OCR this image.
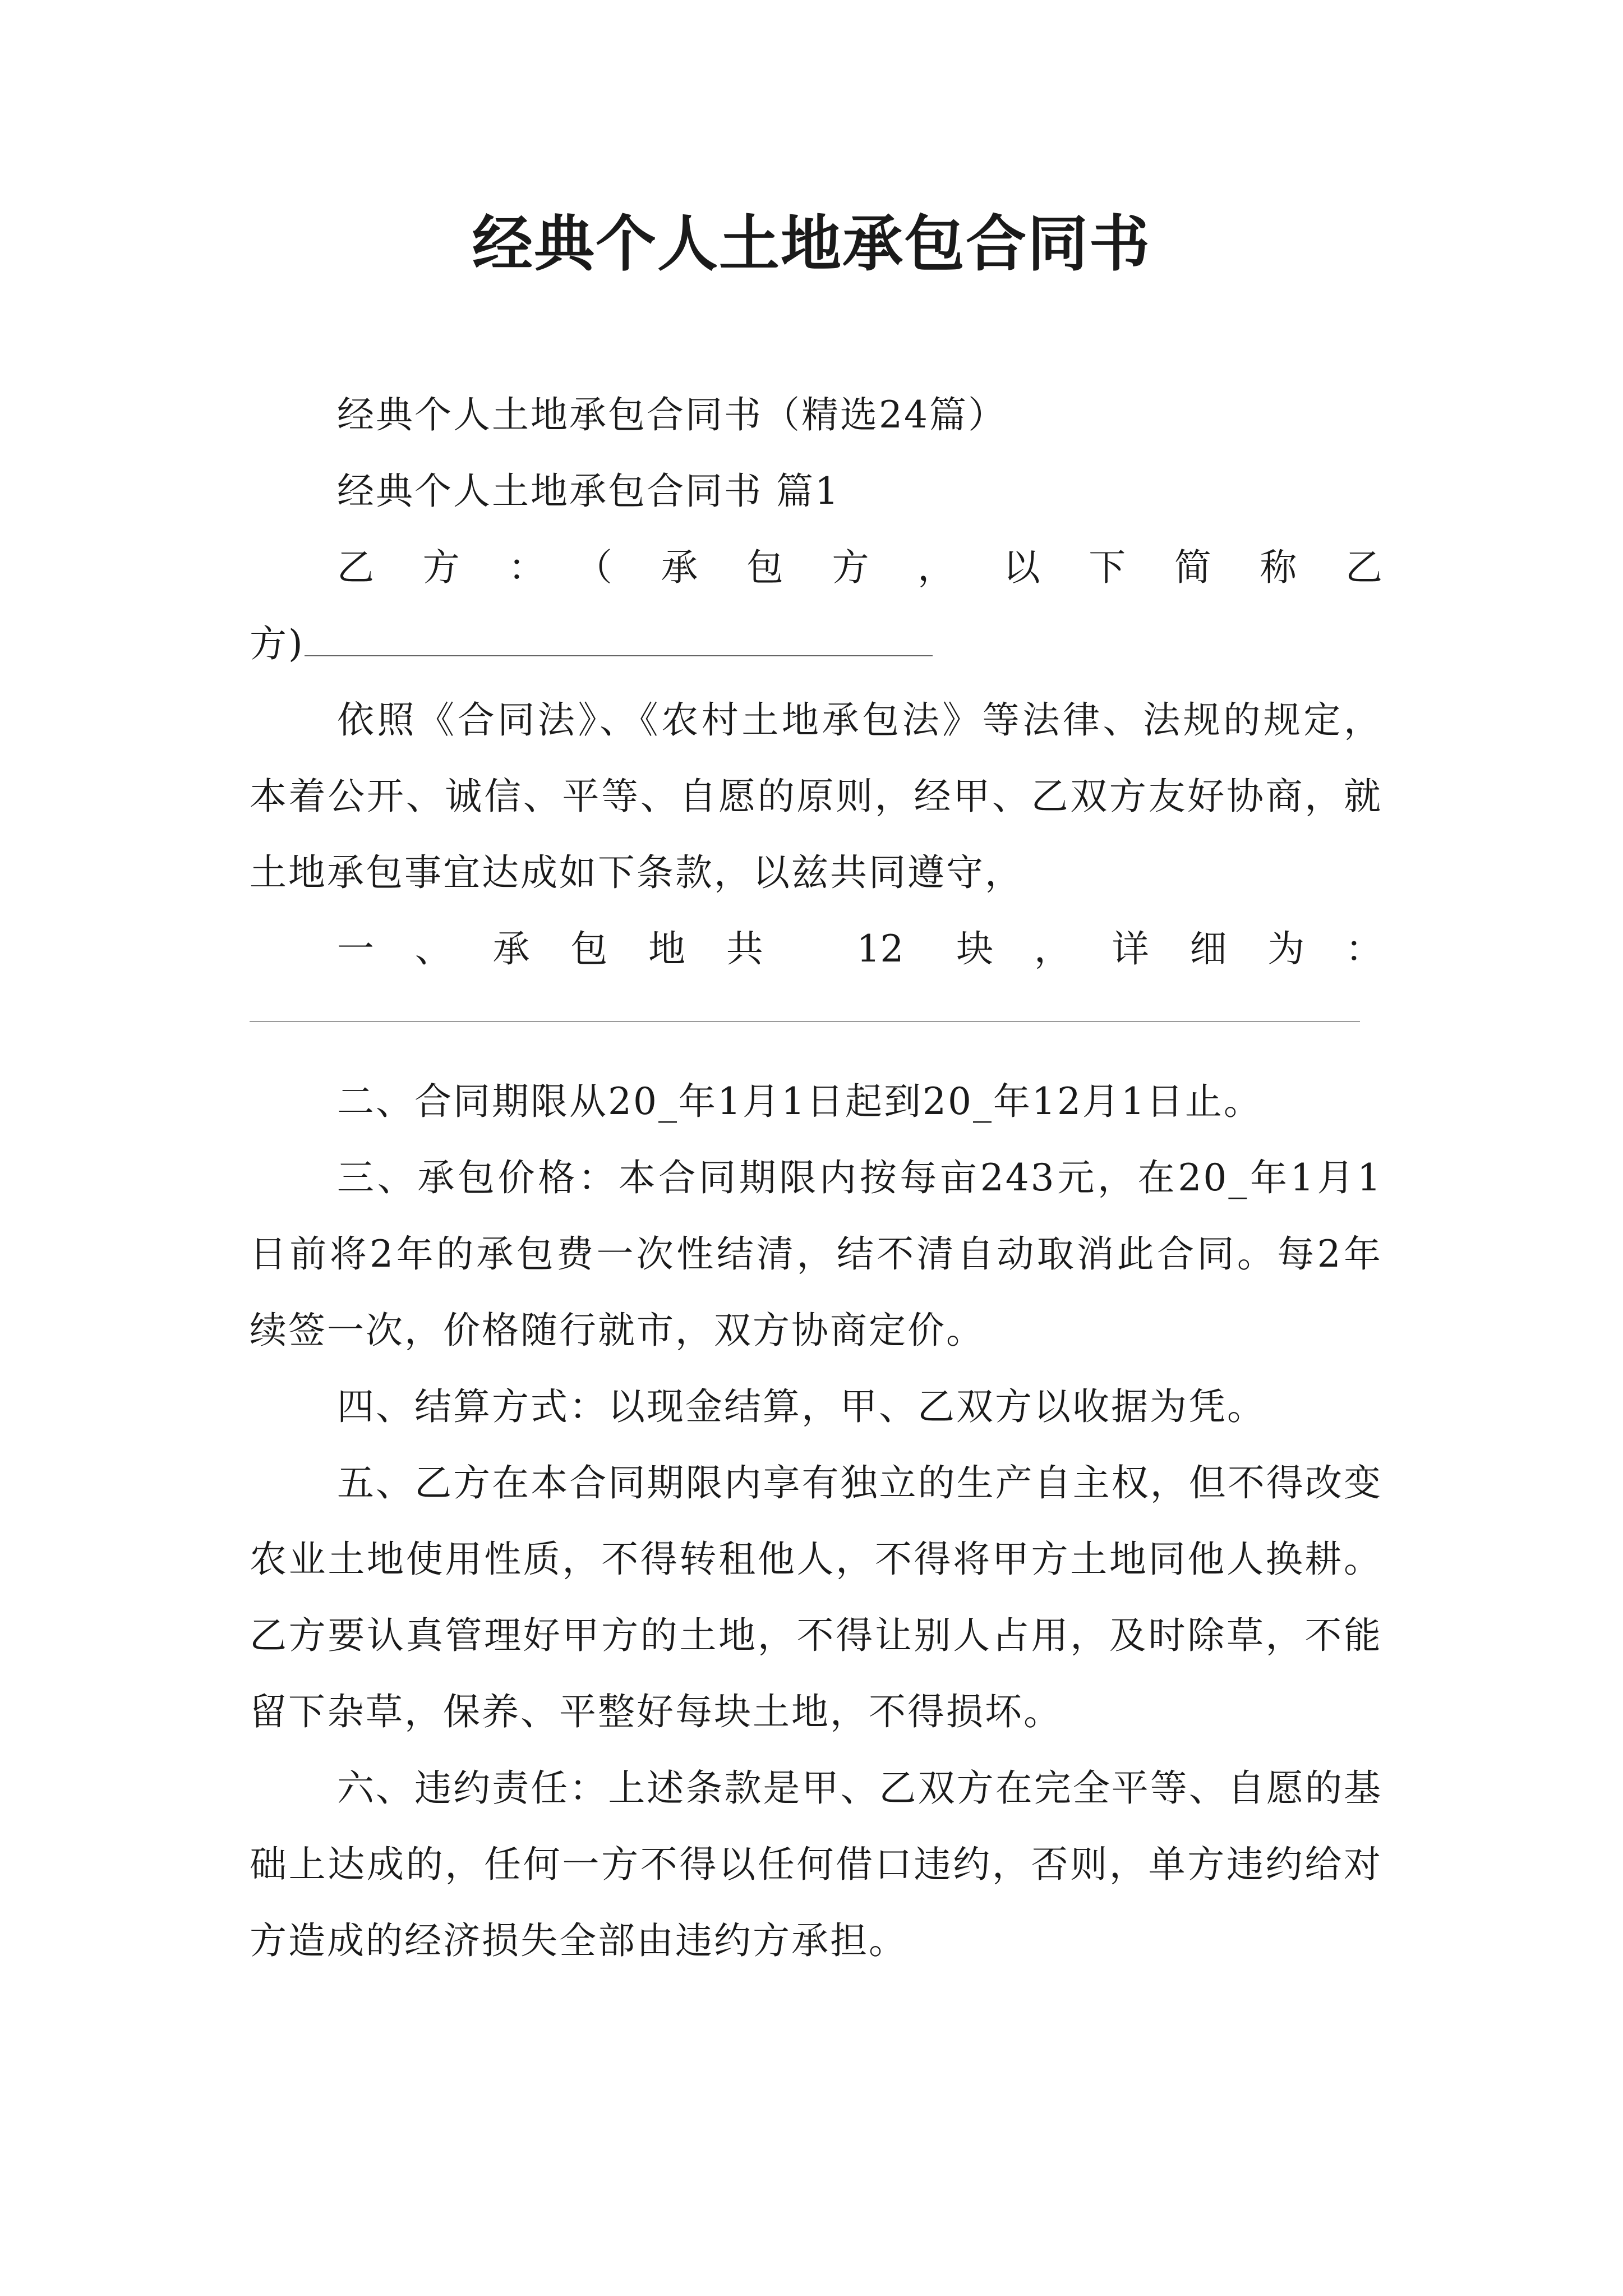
经典个人土地承包合同书

经典个人土地承包合同书（精选24篇）

经典个人土地承包合同书 篇1

乙方：（承包方，以下简称乙

方)

依照《合同法》、《农村土地承包法》等法律、法规的规定，本着公开、诚信、平等、自愿的原则，经甲、乙双方友好协商，就土地承包事宜达成如下条款，以兹共同遵守，

一、承包地共 12 块，详细为：

二、合同期限从20_年1月1日起到20_年12月1日止。

三、承包价格：本合同期限内按每亩243元，在20_年1月1日前将2年的承包费一次性结清，结不清自动取消此合同。每2年续签一次，价格随行就市，双方协商定价。

四、结算方式：以现金结算，甲、乙双方以收据为凭。

五、乙方在本合同期限内享有独立的生产自主权，但不得改变农业土地使用性质，不得转租他人，不得将甲方土地同他人换耕。乙方要认真管理好甲方的土地，不得让别人占用，及时除草，不能留下杂草，保养、平整好每块土地，不得损坏。

六、违约责任：上述条款是甲、乙双方在完全平等、自愿的基础上达成的，任何一方不得以任何借口违约，否则，单方违约给对方造成的经济损失全部由违约方承担。
